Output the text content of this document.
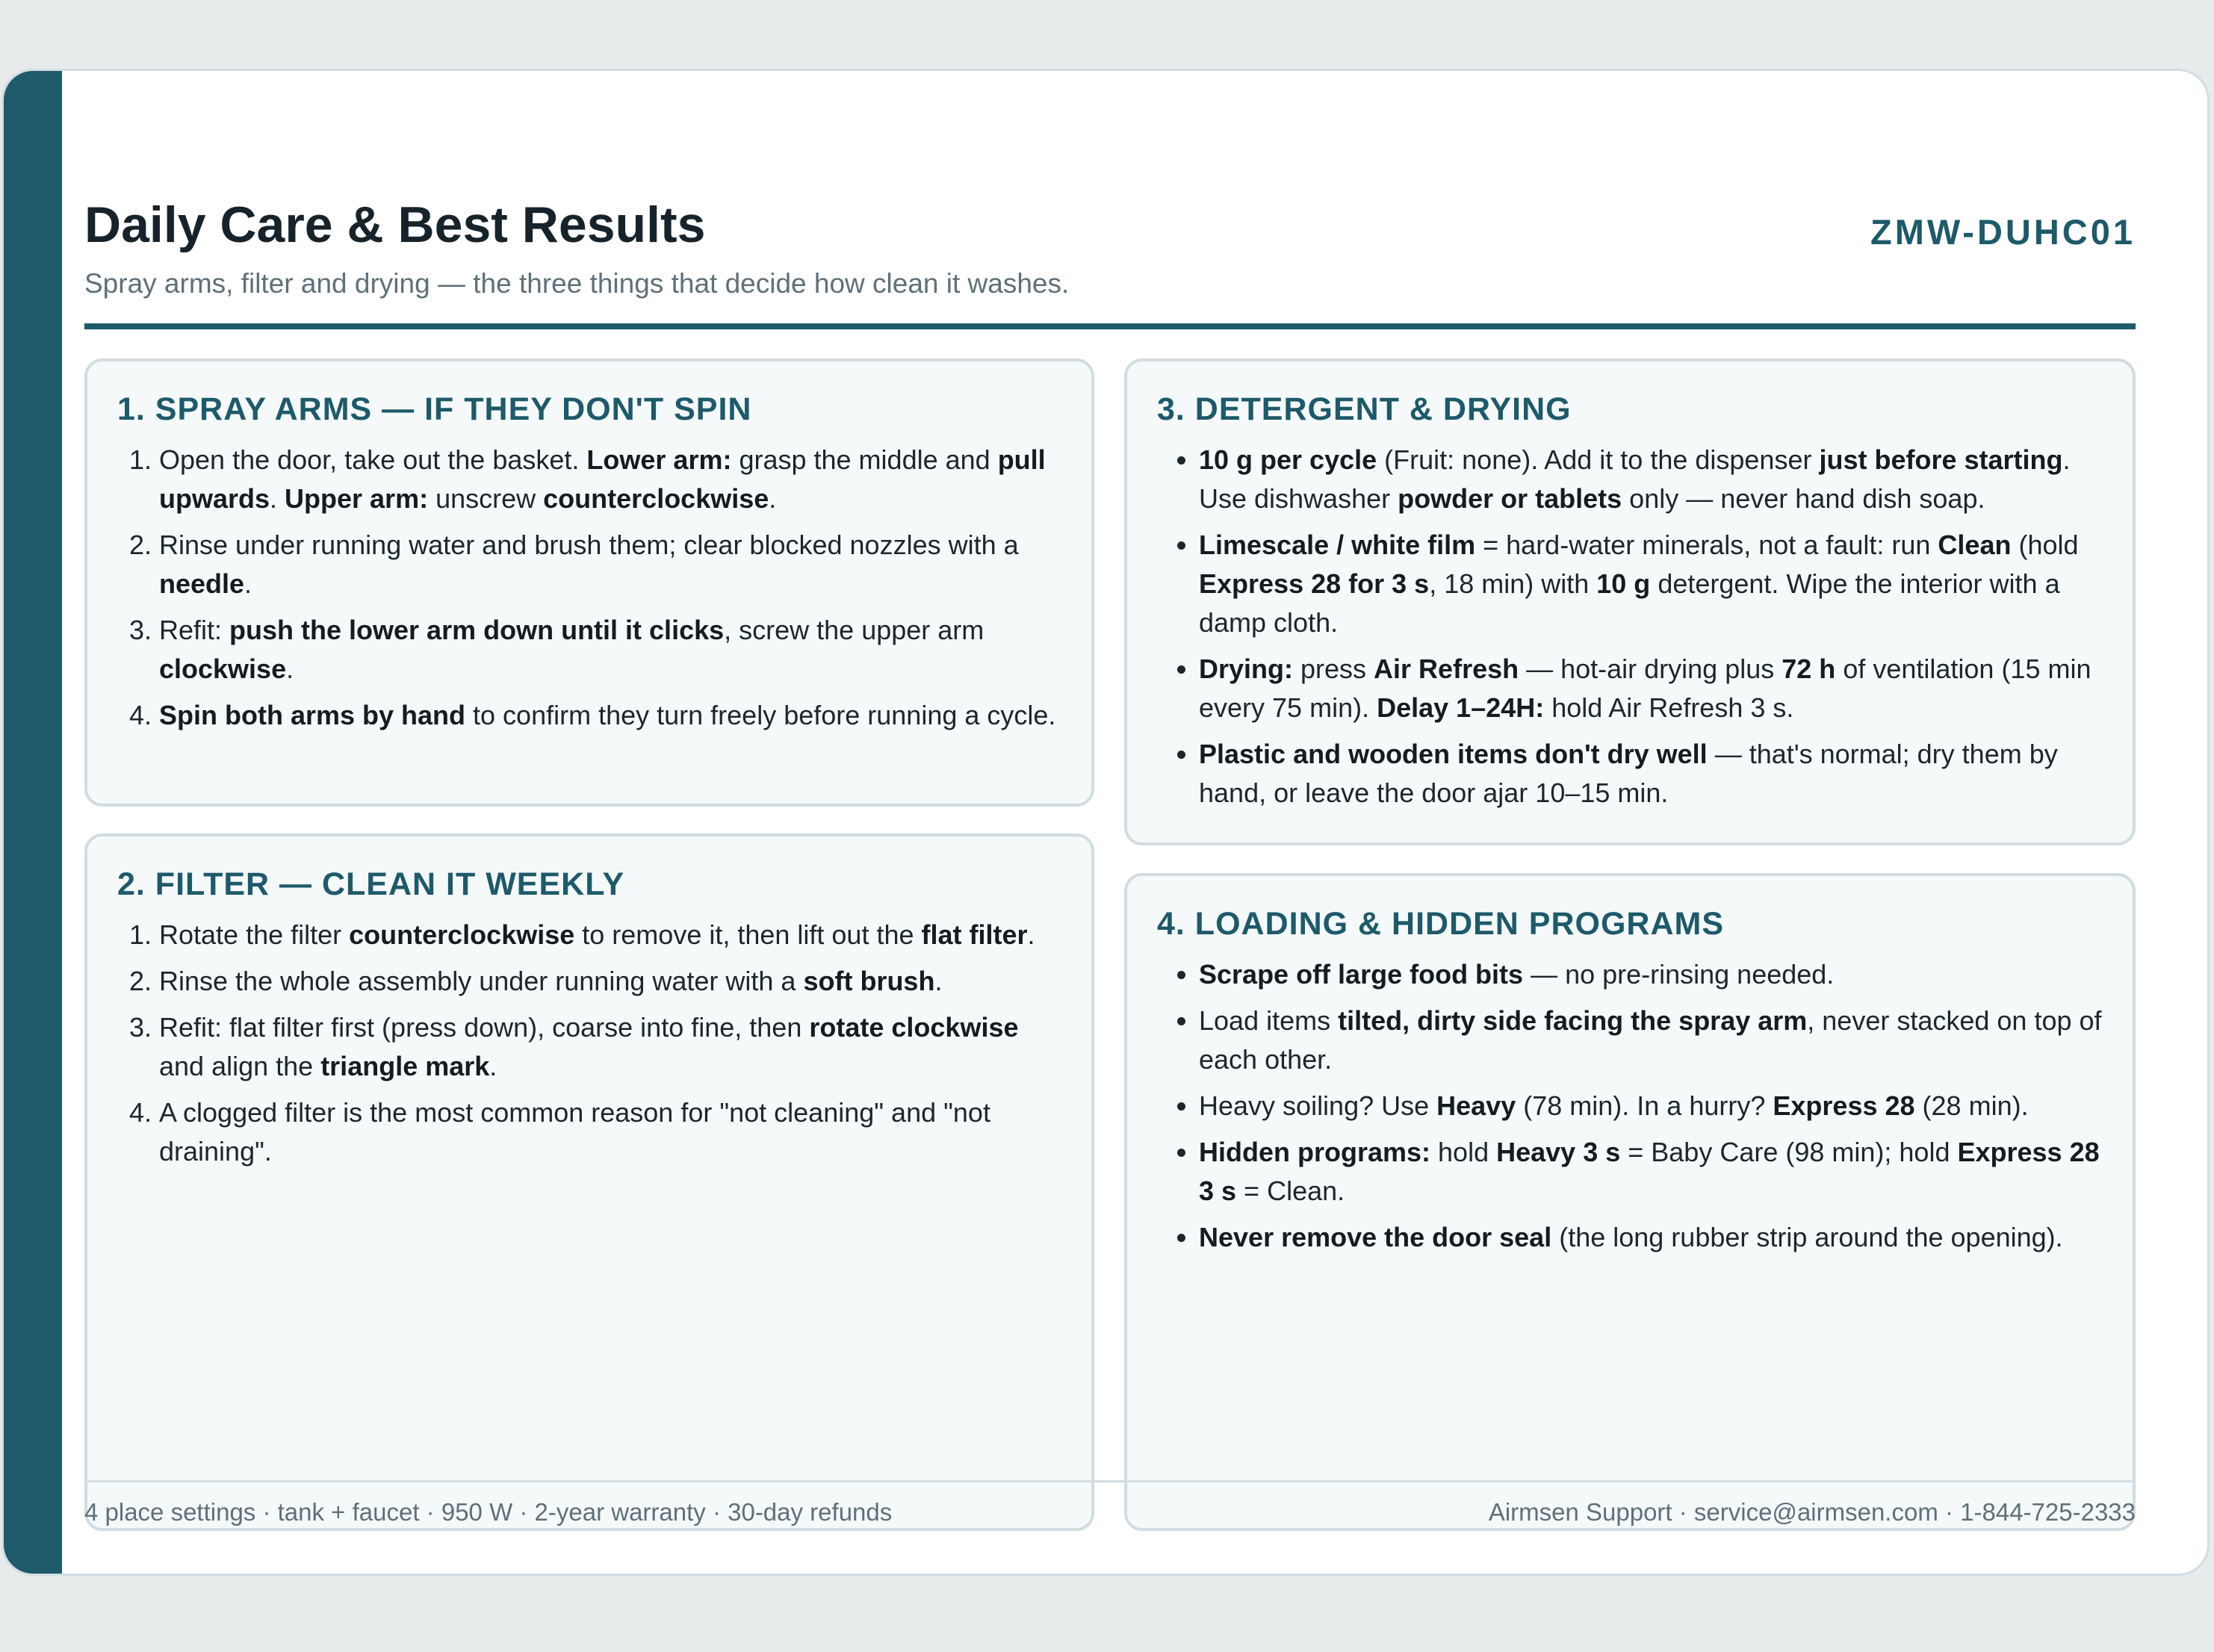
Daily Care & Best Results
Spray arms, filter and drying — the three things that decide how clean it washes.
ZMW-DUHC01
1. SPRAY ARMS — IF THEY DON'T SPIN
1. Open the door, take out the basket. Lower arm: grasp the middle and pull upwards. Upper arm: unscrew counterclockwise.
2. Rinse under running water and brush them; clear blocked nozzles with a needle.
3. Refit: push the lower arm down until it clicks, screw the upper arm clockwise.
4. Spin both arms by hand to confirm they turn freely before running a cycle.
2. FILTER — CLEAN IT WEEKLY
1. Rotate the filter counterclockwise to remove it, then lift out the flat filter.
2. Rinse the whole assembly under running water with a soft brush.
3. Refit: flat filter first (press down), coarse into fine, then rotate clockwise and align the triangle mark.
4. A clogged filter is the most common reason for "not cleaning" and "not draining".
3. DETERGENT & DRYING
• 10 g per cycle (Fruit: none). Add it to the dispenser just before starting. Use dishwasher powder or tablets only — never hand dish soap.
• Limescale / white film = hard-water minerals, not a fault: run Clean (hold Express 28 for 3 s, 18 min) with 10 g detergent. Wipe the interior with a damp cloth.
• Drying: press Air Refresh — hot-air drying plus 72 h of ventilation (15 min every 75 min). Delay 1–24H: hold Air Refresh 3 s.
• Plastic and wooden items don't dry well — that's normal; dry them by hand, or leave the door ajar 10–15 min.
4. LOADING & HIDDEN PROGRAMS
• Scrape off large food bits — no pre-rinsing needed.
• Load items tilted, dirty side facing the spray arm, never stacked on top of each other.
• Heavy soiling? Use Heavy (78 min). In a hurry? Express 28 (28 min).
• Hidden programs: hold Heavy 3 s = Baby Care (98 min); hold Express 28 3 s = Clean.
• Never remove the door seal (the long rubber strip around the opening).
4 place settings · tank + faucet · 950 W · 2-year warranty · 30-day refunds	Airmsen Support · service@airmsen.com · 1-844-725-2333
